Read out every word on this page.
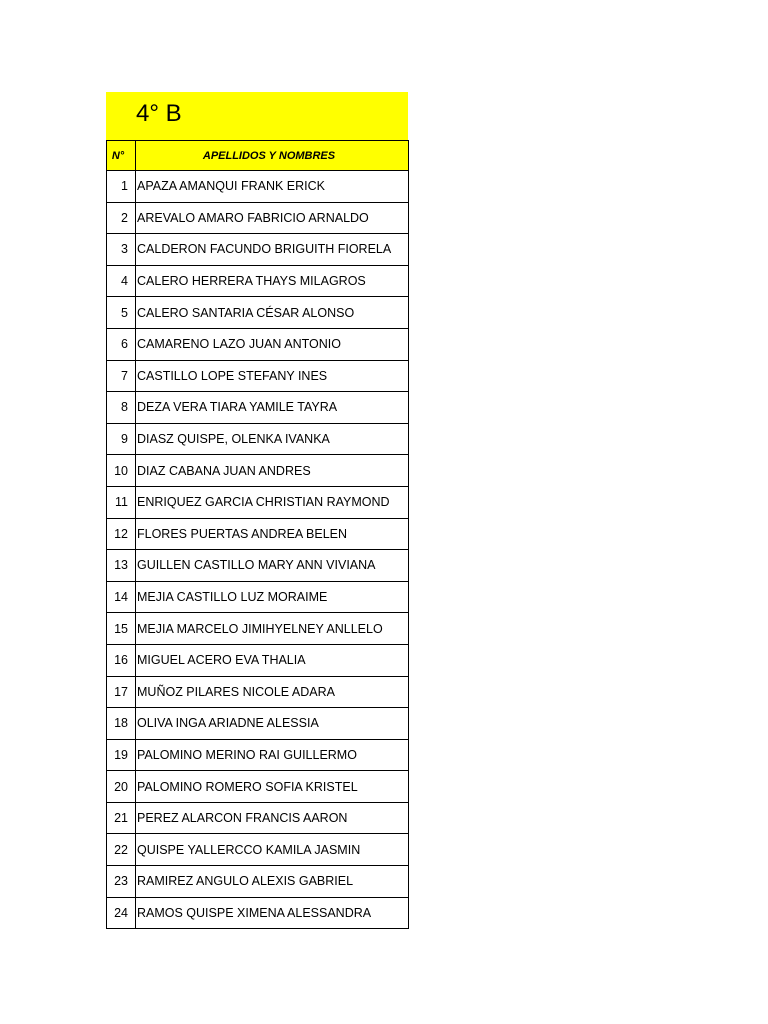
4° B
N°	APELLIDOS Y NOMBRES
1	APAZA AMANQUI FRANK ERICK
2	AREVALO AMARO FABRICIO ARNALDO
3	CALDERON FACUNDO BRIGUITH FIORELA
4	CALERO HERRERA THAYS MILAGROS
5	CALERO SANTARIA CÉSAR ALONSO
6	CAMARENO LAZO JUAN ANTONIO
7	CASTILLO LOPE STEFANY INES
8	DEZA VERA TIARA YAMILE TAYRA
9	DIASZ QUISPE, OLENKA IVANKA
10	DIAZ CABANA JUAN ANDRES
11	ENRIQUEZ GARCIA CHRISTIAN RAYMOND
12	FLORES PUERTAS ANDREA BELEN
13	GUILLEN CASTILLO MARY ANN VIVIANA
14	MEJIA CASTILLO LUZ MORAIME
15	MEJIA MARCELO JIMIHYELNEY ANLLELO
16	MIGUEL ACERO EVA THALIA
17	MUÑOZ PILARES NICOLE ADARA
18	OLIVA INGA ARIADNE ALESSIA
19	PALOMINO MERINO RAI GUILLERMO
20	PALOMINO ROMERO SOFIA KRISTEL
21	PEREZ ALARCON FRANCIS AARON
22	QUISPE YALLERCCO KAMILA JASMIN
23	RAMIREZ ANGULO ALEXIS GABRIEL
24	RAMOS QUISPE XIMENA ALESSANDRA
